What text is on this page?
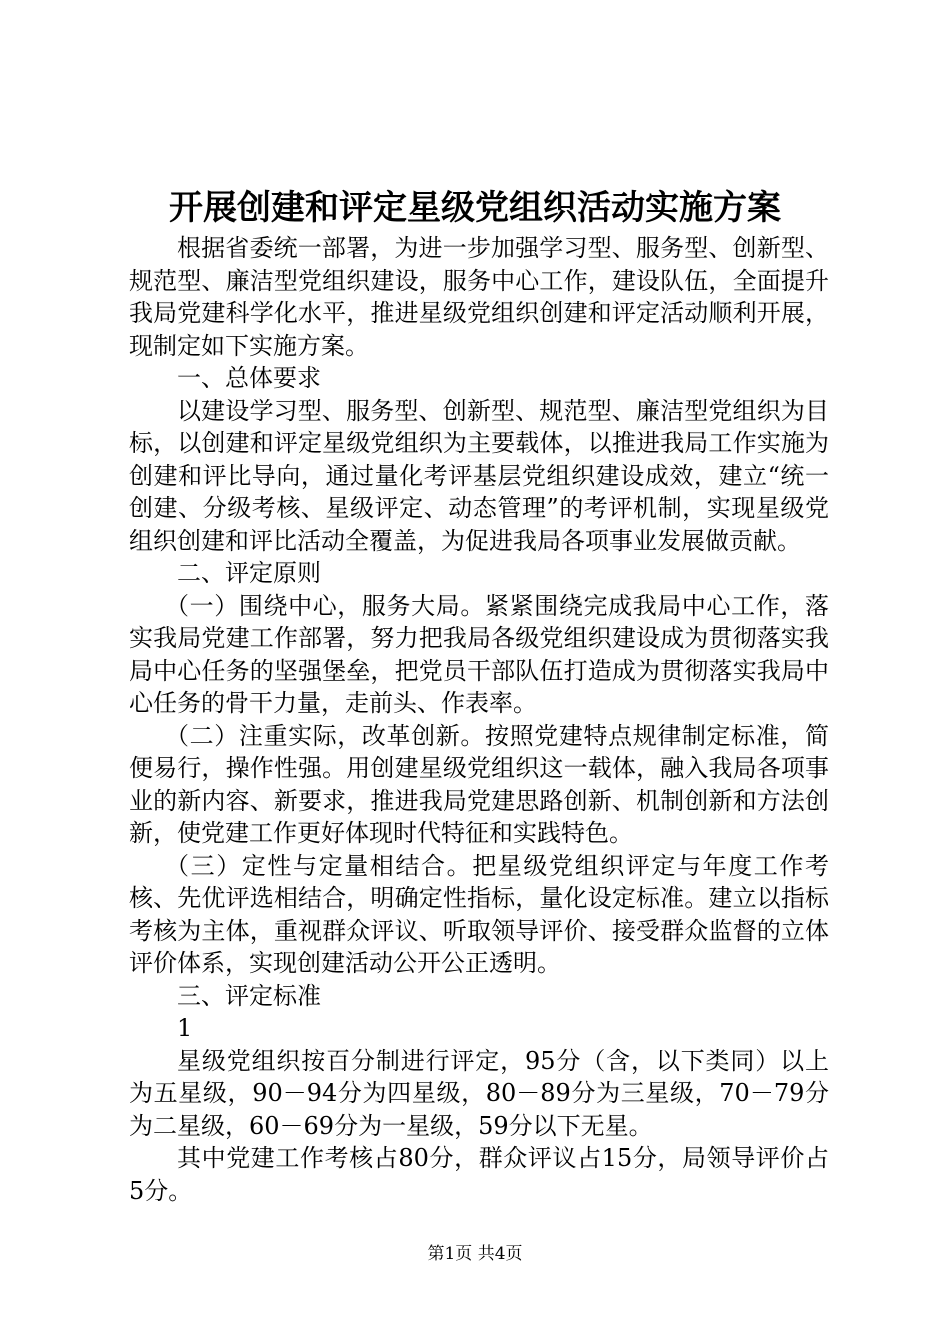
开展创建和评定星级党组织活动实施方案

根据省委统一部署，为进一步加强学习型、服务型、创新型、规范型、廉洁型党组织建设，服务中心工作，建设队伍，全面提升我局党建科学化水平，推进星级党组织创建和评定活动顺利开展，现制定如下实施方案。

一、总体要求

以建设学习型、服务型、创新型、规范型、廉洁型党组织为目标，以创建和评定星级党组织为主要载体，以推进我局工作实施为创建和评比导向，通过量化考评基层党组织建设成效，建立“统一创建、分级考核、星级评定、动态管理”的考评机制，实现星级党组织创建和评比活动全覆盖，为促进我局各项事业发展做贡献。

二、评定原则

（一）围绕中心，服务大局。紧紧围绕完成我局中心工作，落实我局党建工作部署，努力把我局各级党组织建设成为贯彻落实我局中心任务的坚强堡垒，把党员干部队伍打造成为贯彻落实我局中心任务的骨干力量，走前头、作表率。

（二）注重实际，改革创新。按照党建特点规律制定标准，简便易行，操作性强。用创建星级党组织这一载体，融入我局各项事业的新内容、新要求，推进我局党建思路创新、机制创新和方法创新，使党建工作更好体现时代特征和实践特色。

（三）定性与定量相结合。把星级党组织评定与年度工作考核、先优评选相结合，明确定性指标，量化设定标准。建立以指标考核为主体，重视群众评议、听取领导评价、接受群众监督的立体评价体系，实现创建活动公开公正透明。

三、评定标准

1

星级党组织按百分制进行评定，95分（含，以下类同）以上为五星级，90－94分为四星级，80－89分为三星级，70－79分为二星级，60－69分为一星级，59分以下无星。

其中党建工作考核占80分，群众评议占15分，局领导评价占5分。

第1页 共4页
